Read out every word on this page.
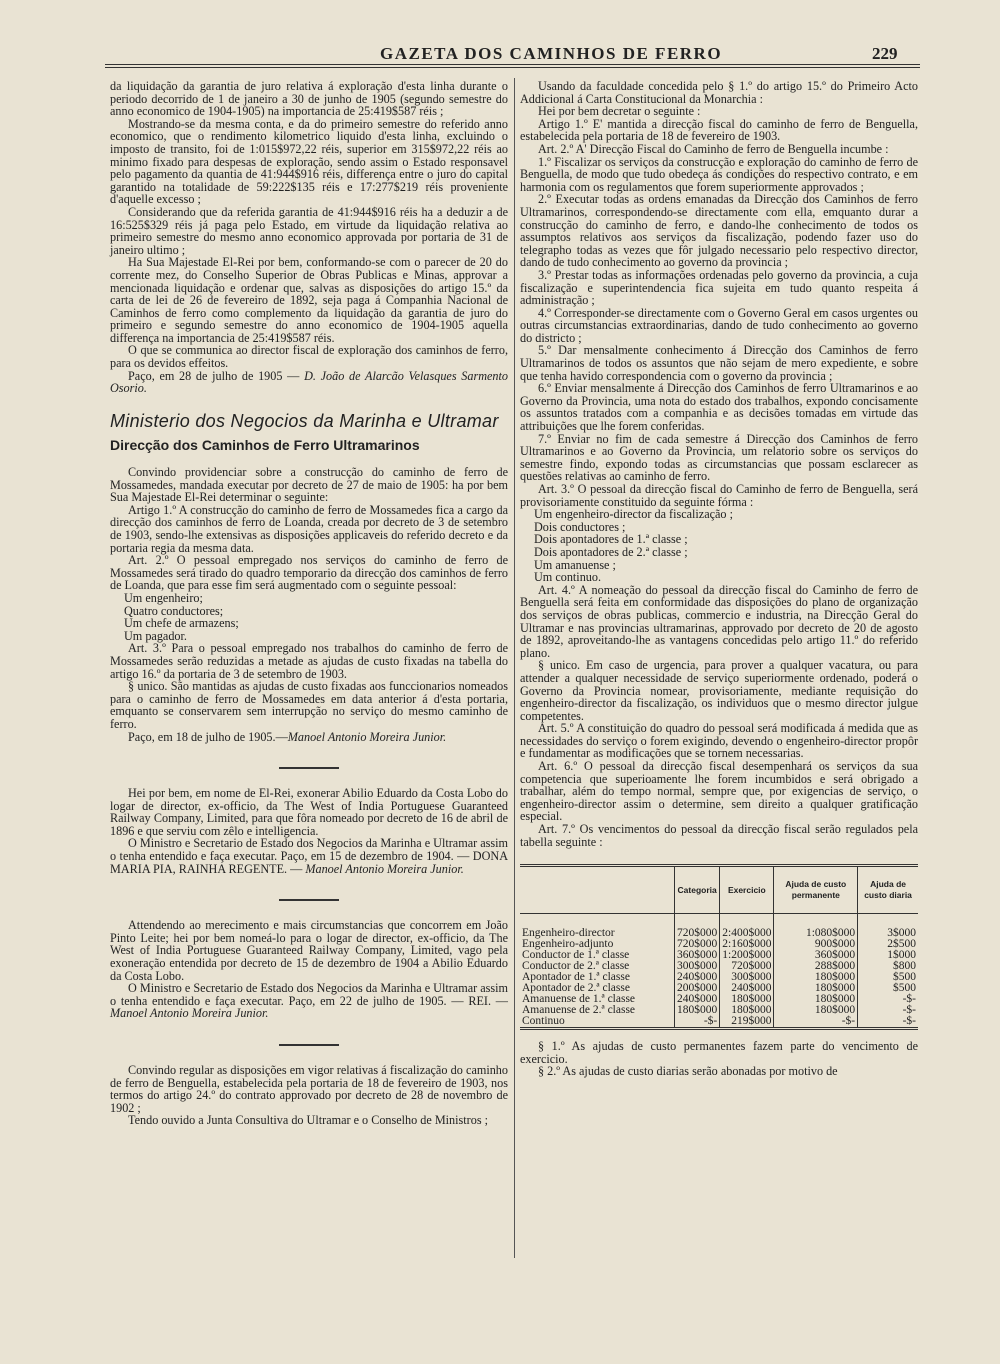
GAZETA DOS CAMINHOS DE FERRO	229

da liquidação da garantia de juro relativa á exploração d'esta linha durante o periodo decorrido de 1 de janeiro a 30 de junho de 1905 (segundo semestre do anno economico de 1904-1905) na importancia de 25:419$587 réis ;

Mostrando-se da mesma conta, e da do primeiro semestre do referido anno economico, que o rendimento kilometrico liquido d'esta linha, excluindo o imposto de transito, foi de 1:015$972,22 réis, superior em 315$972,22 réis ao minimo fixado para despesas de exploração, sendo assim o Estado responsavel pelo pagamento da quantia de 41:944$916 réis, differença entre o juro do capital garantido na totalidade de 59:222$135 réis e 17:277$219 réis proveniente d'aquelle excesso ;

Considerando que da referida garantia de 41:944$916 réis ha a deduzir a de 16:525$329 réis já paga pelo Estado, em virtude da liquidação relativa ao primeiro semestre do mesmo anno economico approvada por portaria de 31 de janeiro ultimo ;

Ha Sua Majestade El-Rei por bem, conformando-se com o parecer de 20 do corrente mez, do Conselho Superior de Obras Publicas e Minas, approvar a mencionada liquidação e ordenar que, salvas as disposições do artigo 15.º da carta de lei de 26 de fevereiro de 1892, seja paga á Companhia Nacional de Caminhos de ferro como complemento da liquidação da garantia de juro do primeiro e segundo semestre do anno economico de 1904-1905 aquella differença na importancia de 25:419$587 réis.

O que se communica ao director fiscal de exploração dos caminhos de ferro, para os devidos effeitos.

Paço, em 28 de julho de 1905 — D. João de Alarcão Velasques Sarmento Osorio.

Ministerio dos Negocios da Marinha e Ultramar
Direcção dos Caminhos de Ferro Ultramarinos

Convindo providenciar sobre a construcção do caminho de ferro de Mossamedes, mandada executar por decreto de 27 de maio de 1905: ha por bem Sua Majestade El-Rei determinar o seguinte:

Artigo 1.º A construcção do caminho de ferro de Mossamedes fica a cargo da direcção dos caminhos de ferro de Loanda, creada por decreto de 3 de setembro de 1903, sendo-lhe extensivas as disposições applicaveis do referido decreto e da portaria regia da mesma data.

Art. 2.º O pessoal empregado nos serviços do caminho de ferro de Mossamedes será tirado do quadro temporario da direcção dos caminhos de ferro de Loanda, que para esse fim será augmentado com o seguinte pessoal:

Um engenheiro;

Quatro conductores;

Um chefe de armazens;

Um pagador.

Art. 3.º Para o pessoal empregado nos trabalhos do caminho de ferro de Mossamedes serão reduzidas a metade as ajudas de custo fixadas na tabella do artigo 16.º da portaria de 3 de setembro de 1903.

§ unico. São mantidas as ajudas de custo fixadas aos funccionarios nomeados para o caminho de ferro de Mossamedes em data anterior á d'esta portaria, emquanto se conservarem sem interrupção no serviço do mesmo caminho de ferro.

Paço, em 18 de julho de 1905.—Manoel Antonio Moreira Junior.

Hei por bem, em nome de El-Rei, exonerar Abilio Eduardo da Costa Lobo do logar de director, ex-officio, da The West of India Portuguese Guaranteed Railway Company, Limited, para que fôra nomeado por decreto de 16 de abril de 1896 e que serviu com zêlo e intelligencia.

O Ministro e Secretario de Estado dos Negocios da Marinha e Ultramar assim o tenha entendido e faça executar. Paço, em 15 de dezembro de 1904. — DONA MARIA PIA, RAINHA REGENTE. — Manoel Antonio Moreira Junior.

Attendendo ao merecimento e mais circumstancias que concorrem em João Pinto Leite; hei por bem nomeá-lo para o logar de director, ex-officio, da The West of India Portuguese Guaranteed Railway Company, Limited, vago pela exoneração entendida por decreto de 15 de dezembro de 1904 a Abilio Eduardo da Costa Lobo.

O Ministro e Secretario de Estado dos Negocios da Marinha e Ultramar assim o tenha entendido e faça executar. Paço, em 22 de julho de 1905. — REI. — Manoel Antonio Moreira Junior.

Convindo regular as disposições em vigor relativas á fiscalização do caminho de ferro de Benguella, estabelecida pela portaria de 18 de fevereiro de 1903, nos termos do artigo 24.º do contrato approvado por decreto de 28 de novembro de 1902 ;

Tendo ouvido a Junta Consultiva do Ultramar e o Conselho de Ministros ;

Usando da faculdade concedida pelo § 1.º do artigo 15.º do Primeiro Acto Addicional á Carta Constitucional da Monarchia :

Hei por bem decretar o seguinte :

Artigo 1.º E' mantida a direcção fiscal do caminho de ferro de Benguella, estabelecida pela portaria de 18 de fevereiro de 1903.

Art. 2.º A' Direcção Fiscal do Caminho de ferro de Benguella incumbe :

1.º Fiscalizar os serviços da construcção e exploração do caminho de ferro de Benguella, de modo que tudo obedeça ás condições do respectivo contrato, e em harmonia com os regulamentos que forem superiormente approvados ;

2.º Executar todas as ordens emanadas da Direcção dos Caminhos de ferro Ultramarinos, correspondendo-se directamente com ella, emquanto durar a construcção do caminho de ferro, e dando-lhe conhecimento de todos os assumptos relativos aos serviços da fiscalização, podendo fazer uso do telegrapho todas as vezes que fôr julgado necessario pelo respectivo director, dando de tudo conhecimento ao governo da provincia ;

3.º Prestar todas as informações ordenadas pelo governo da provincia, a cuja fiscalização e superintendencia fica sujeita em tudo quanto respeita á administração ;

4.º Corresponder-se directamente com o Governo Geral em casos urgentes ou outras circumstancias extraordinarias, dando de tudo conhecimento ao governo do districto ;

5.º Dar mensalmente conhecimento á Direcção dos Caminhos de ferro Ultramarinos de todos os assuntos que não sejam de mero expediente, e sobre que tenha havido correspondencia com o governo da provincia ;

6.º Enviar mensalmente á Direcção dos Caminhos de ferro Ultramarinos e ao Governo da Provincia, uma nota do estado dos trabalhos, expondo concisamente os assuntos tratados com a companhia e as decisões tomadas em virtude das attribuições que lhe forem conferidas.

7.º Enviar no fim de cada semestre á Direcção dos Caminhos de ferro Ultramarinos e ao Governo da Provincia, um relatorio sobre os serviços do semestre findo, expondo todas as circumstancias que possam esclarecer as questões relativas ao caminho de ferro.

Art. 3.º O pessoal da direcção fiscal do Caminho de ferro de Benguella, será provisoriamente constituido da seguinte fórma :

Um engenheiro-director da fiscalização ;

Dois conductores ;

Dois apontadores de 1.ª classe ;

Dois apontadores de 2.ª classe ;

Um amanuense ;

Um continuo.

Art. 4.º A nomeação do pessoal da direcção fiscal do Caminho de ferro de Benguella será feita em conformidade das disposições do plano de organização dos serviços de obras publicas, commercio e industria, na Direcção Geral do Ultramar e nas provincias ultramarinas, approvado por decreto de 20 de agosto de 1892, aproveitando-lhe as vantagens concedidas pelo artigo 11.º do referido plano.

§ unico. Em caso de urgencia, para prover a qualquer vacatura, ou para attender a qualquer necessidade de serviço superiormente ordenado, poderá o Governo da Provincia nomear, provisoriamente, mediante requisição do engenheiro-director da fiscalização, os individuos que o mesmo director julgue competentes.

Art. 5.º A constituição do quadro do pessoal será modificada á medida que as necessidades do serviço o forem exigindo, devendo o engenheiro-director propôr e fundamentar as modificações que se tornem necessarias.

Art. 6.º O pessoal da direcção fiscal desempenhará os serviços da sua competencia que superioamente lhe forem incumbidos e será obrigado a trabalhar, além do tempo normal, sempre que, por exigencias de serviço, o engenheiro-director assim o determine, sem direito a qualquer gratificação especial.

Art. 7.º Os vencimentos do pessoal da direcção fiscal serão regulados pela tabella seguinte :

	Categoria	Exercicio	Ajuda de custo permanente	Ajuda de custo diaria

Engenheiro-director	720$000	2:400$000	1:080$000	3$000
Engenheiro-adjunto	720$000	2:160$000	900$000	2$500
Conductor de 1.ª classe	360$000	1:200$000	360$000	1$000
Conductor de 2.ª classe	300$000	720$000	288$000	$800
Apontador de 1.ª classe	240$000	300$000	180$000	$500
Apontador de 2.ª classe	200$000	240$000	180$000	$500
Amanuense de 1.ª classe	240$000	180$000	180$000	-$-
Amanuense de 2.ª classe	180$000	180$000	180$000	-$-
Continuo	-$-	219$000	-$-	-$-

§ 1.º As ajudas de custo permanentes fazem parte do vencimento de exercicio.

§ 2.º As ajudas de custo diarias serão abonadas por motivo de
